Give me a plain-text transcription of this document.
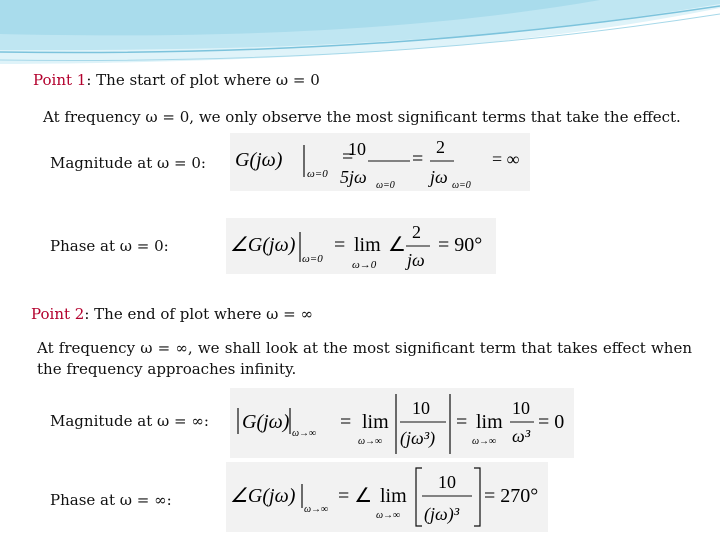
Point 1: The start of plot where ω = 0
At frequency ω = 0, we only observe the most significant terms that take the effect.
Magnitude at ω = 0: G(jω)
ω=0
=
10
5jω ω=0
=
2
jω ω=0
= ∞
Phase at ω = 0:	∠G(jω)
ω=0
= lim
ω→0
∠
2
jω
= 90°
Point 2: The end of plot where ω = ∞
At frequency ω = ∞, we shall look at the most significant term that takes effect when the frequency approaches infinity.
Magnitude at ω = ∞: G(jω)
ω→∞
= lim
ω→∞
10
(jω³)
= lim
ω→∞
10
ω³
= 0
Phase at ω = ∞:	∠G(jω)
ω→∞
= ∠ lim
ω→∞
10
(jω)³
= 270°
